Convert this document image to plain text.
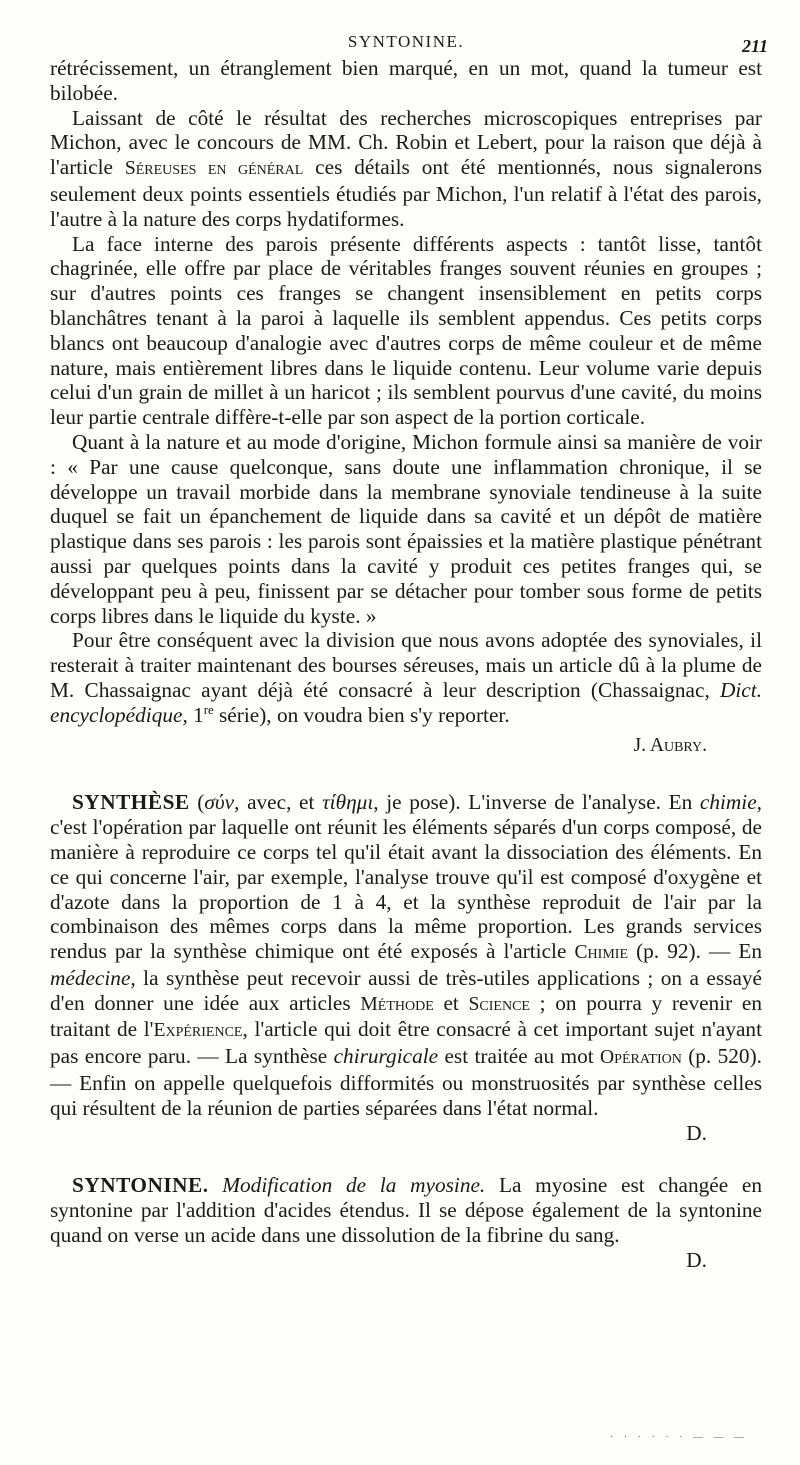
SYNTONINE.	211

rétrécissement, un étranglement bien marqué, en un mot, quand la tumeur est bilobée.

Laissant de côté le résultat des recherches microscopiques entreprises par Michon, avec le concours de MM. Ch. Robin et Lebert, pour la raison que déjà à l'article Séreuses en général ces détails ont été mentionnés, nous signalerons seulement deux points essentiels étudiés par Michon, l'un relatif à l'état des parois, l'autre à la nature des corps hydatiformes.

La face interne des parois présente différents aspects : tantôt lisse, tantôt chagrinée, elle offre par place de véritables franges souvent réunies en groupes ; sur d'autres points ces franges se changent insensiblement en petits corps blanchâtres tenant à la paroi à laquelle ils semblent appendus. Ces petits corps blancs ont beaucoup d'analogie avec d'autres corps de même couleur et de même nature, mais entièrement libres dans le liquide contenu. Leur volume varie depuis celui d'un grain de millet à un haricot ; ils semblent pourvus d'une cavité, du moins leur partie centrale diffère-t-elle par son aspect de la portion corticale.

Quant à la nature et au mode d'origine, Michon formule ainsi sa manière de voir : « Par une cause quelconque, sans doute une inflammation chronique, il se développe un travail morbide dans la membrane synoviale tendineuse à la suite duquel se fait un épanchement de liquide dans sa cavité et un dépôt de matière plastique dans ses parois : les parois sont épaissies et la matière plastique pénétrant aussi par quelques points dans la cavité y produit ces petites franges qui, se développant peu à peu, finissent par se détacher pour tomber sous forme de petits corps libres dans le liquide du kyste. »

Pour être conséquent avec la division que nous avons adoptée des synoviales, il resterait à traiter maintenant des bourses séreuses, mais un article dû à la plume de M. Chassaignac ayant déjà été consacré à leur description (Chassaignac, Dict. encyclopédique, 1re série), on voudra bien s'y reporter.

J. Aubry.

SYNTHÈSE (σύν, avec, et τίθημι, je pose). L'inverse de l'analyse. En chimie, c'est l'opération par laquelle ont réunit les éléments séparés d'un corps composé, de manière à reproduire ce corps tel qu'il était avant la dissociation des éléments. En ce qui concerne l'air, par exemple, l'analyse trouve qu'il est composé d'oxygène et d'azote dans la proportion de 1 à 4, et la synthèse reproduit de l'air par la combinaison des mêmes corps dans la même proportion. Les grands services rendus par la synthèse chimique ont été exposés à l'article Chimie (p. 92). — En médecine, la synthèse peut recevoir aussi de très-utiles applications ; on a essayé d'en donner une idée aux articles Méthode et Science ; on pourra y revenir en traitant de l'Expérience, l'article qui doit être consacré à cet important sujet n'ayant pas encore paru. — La synthèse chirurgicale est traitée au mot Opération (p. 520). — Enfin on appelle quelquefois difformités ou monstruosités par synthèse celles qui résultent de la réunion de parties séparées dans l'état normal.

D.

SYNTONINE. Modification de la myosine. La myosine est changée en syntonine par l'addition d'acides étendus. Il se dépose également de la syntonine quand on verse un acide dans une dissolution de la fibrine du sang.

D.
· · · · · · — — —
